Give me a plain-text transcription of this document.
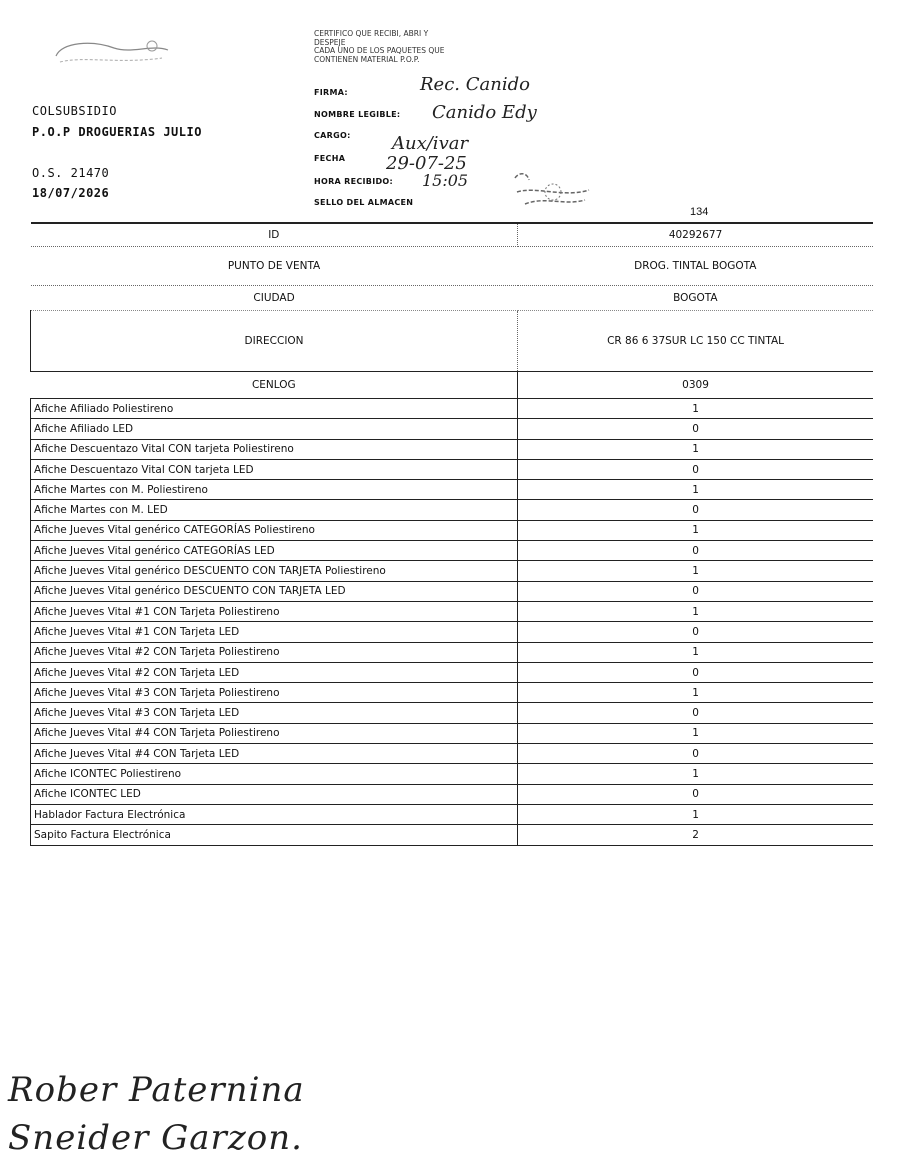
COLSUBSIDIO
P.O.P DROGUERIAS JULIO
O.S. 21470
18/07/2026
CERTIFICO QUE RECIBI, ABRI Y
DESPEJE
CADA UNO DE LOS PAQUETES QUE
CONTIENEN MATERIAL P.O.P.
FIRMA:
NOMBRE LEGIBLE:
CARGO:
FECHA
HORA RECIBIDO:
SELLO DEL ALMACEN
Rec. Canido
Canido Edy
Aux/ivar
29-07-25
15:05
134
ID	40292677
PUNTO DE VENTA	DROG. TINTAL BOGOTA
CIUDAD	BOGOTA
DIRECCION	CR 86 6 37SUR LC 150 CC TINTAL
CENLOG	0309
Afiche Afiliado Poliestireno	1
Afiche Afiliado LED	0
Afiche Descuentazo Vital CON tarjeta Poliestireno	1
Afiche Descuentazo Vital CON tarjeta LED	0
Afiche Martes con M. Poliestireno	1
Afiche Martes con M. LED	0
Afiche Jueves Vital genérico CATEGORÍAS Poliestireno	1
Afiche Jueves Vital genérico CATEGORÍAS LED	0
Afiche Jueves Vital genérico DESCUENTO CON TARJETA Poliestireno	1
Afiche Jueves Vital genérico DESCUENTO CON TARJETA LED	0
Afiche Jueves Vital #1 CON Tarjeta Poliestireno	1
Afiche Jueves Vital #1 CON Tarjeta LED	0
Afiche Jueves Vital #2 CON Tarjeta Poliestireno	1
Afiche Jueves Vital #2 CON Tarjeta LED	0
Afiche Jueves Vital #3 CON Tarjeta Poliestireno	1
Afiche Jueves Vital #3 CON Tarjeta LED	0
Afiche Jueves Vital #4 CON Tarjeta Poliestireno	1
Afiche Jueves Vital #4 CON Tarjeta LED	0
Afiche ICONTEC Poliestireno	1
Afiche ICONTEC LED	0
Hablador Factura Electrónica	1
Sapito Factura Electrónica	2
Rober Paternina
Sneider Garzon.
